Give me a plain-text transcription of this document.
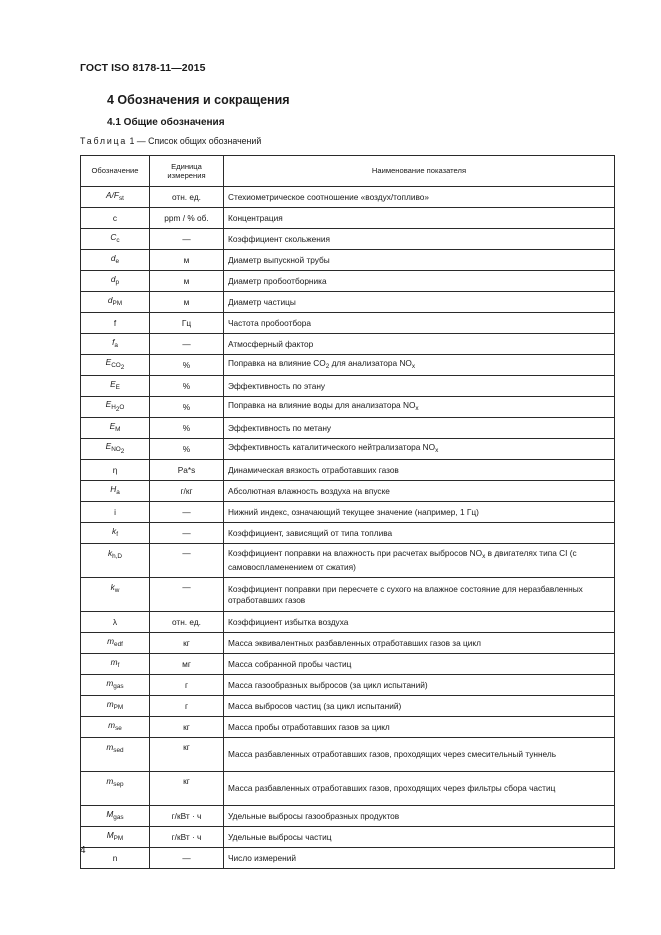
ГОСТ ISO 8178-11—2015
4 Обозначения и сокращения
4.1 Общие обозначения
Таблица 1 — Список общих обозначений
Обозначение	Единица измерения	Наименование показателя
$A/F_{st}$	отн. ед.	Стехиометрическое соотношение «воздух/топливо»
c	ppm / % об.	Концентрация
$C_c$	—	Коэффициент скольжения
$d_e$	м	Диаметр выпускной трубы
$d_p$	м	Диаметр пробоотборника
$d_{PM}$	м	Диаметр частицы
f	Гц	Частота пробоотбора
$f_a$	—	Атмосферный фактор
$E_{CO_2}$	%	Поправка на влияние $CO_2$ для анализатора $NO_x$
$E_E$	%	Эффективность по этану
$E_{H_2O}$	%	Поправка на влияние воды для анализатора $NO_x$
$E_M$	%	Эффективность по метану
$E_{NO_2}$	%	Эффективность каталитического нейтрализатора $NO_x$
η	Pa*s	Динамическая вязкость отработавших газов
$H_a$	г/кг	Абсолютная влажность воздуха на впуске
i	—	Нижний индекс, означающий текущее значение (например, 1 Гц)
$k_f$	—	Коэффициент, зависящий от типа топлива
$k_{h,D}$	—	Коэффициент поправки на влажность при расчетах выбросов $NO_x$ в двигателях типа CI (с самовоспламенением от сжатия)
$k_w$	—	Коэффициент поправки при пересчете с сухого на влажное состояние для неразбавленных отработавших газов
λ	отн. ед.	Коэффициент избытка воздуха
$m_{edf}$	кг	Масса эквивалентных разбавленных отработавших газов за цикл
$m_f$	мг	Масса собранной пробы частиц
$m_{gas}$	г	Масса газообразных выбросов (за цикл испытаний)
$m_{PM}$	г	Масса выбросов частиц (за цикл испытаний)
$m_{se}$	кг	Масса пробы отработавших газов за цикл
$m_{sed}$	кг	Масса разбавленных отработавших газов, проходящих через смесительный туннель
$m_{sep}$	кг	Масса разбавленных отработавших газов, проходящих через фильтры сбора частиц
$M_{gas}$	г/кВт · ч	Удельные выбросы газообразных продуктов
$M_{PM}$	г/кВт · ч	Удельные выбросы частиц
n	—	Число измерений
4
